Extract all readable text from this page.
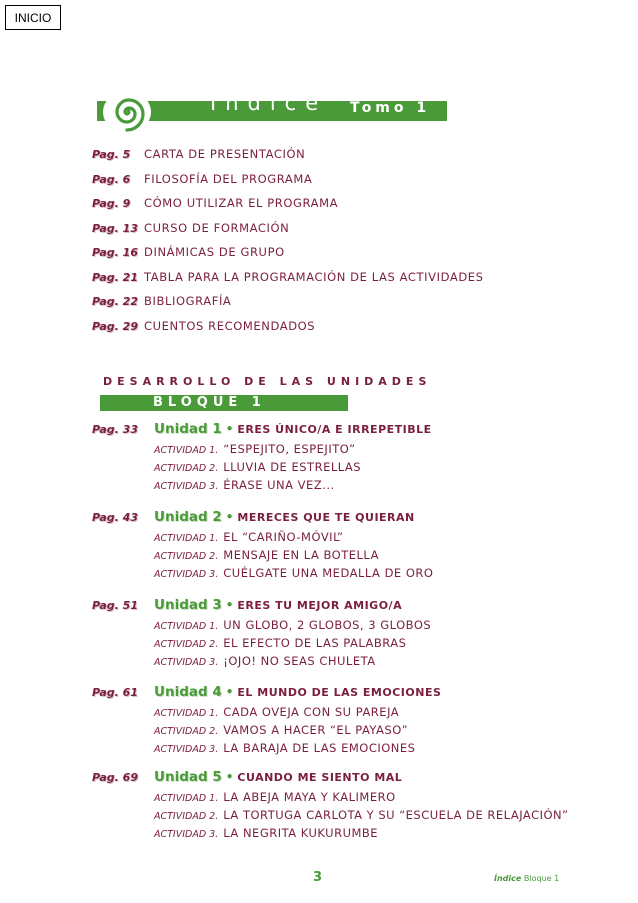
INICIO
Índice Tomo 1
Pag. 5	CARTA DE PRESENTACIÓN
Pag. 6	FILOSOFÍA DEL PROGRAMA
Pag. 9	CÓMO UTILIZAR EL PROGRAMA
Pag. 13 CURSO DE FORMACIÓN
Pag. 16 DINÁMICAS DE GRUPO
Pag. 21 TABLA PARA LA PROGRAMACIÓN DE LAS ACTIVIDADES
Pag. 22 BIBLIOGRAFÍA
Pag. 29 CUENTOS RECOMENDADOS
DESARROLLO DE LAS UNIDADES
BLOQUE 1
Pag. 33	Unidad 1 • ERES ÚNICO/A E IRREPETIBLE
ACTIVIDAD 1. “ESPEJITO, ESPEJITO”
ACTIVIDAD 2. LLUVIA DE ESTRELLAS
ACTIVIDAD 3. ÉRASE UNA VEZ...
Pag. 43	Unidad 2 • MERECES QUE TE QUIERAN
ACTIVIDAD 1. EL “CARIÑO-MÓVIL”
ACTIVIDAD 2. MENSAJE EN LA BOTELLA
ACTIVIDAD 3. CUÉLGATE UNA MEDALLA DE ORO
Pag. 51	Unidad 3 • ERES TU MEJOR AMIGO/A
ACTIVIDAD 1. UN GLOBO, 2 GLOBOS, 3 GLOBOS
ACTIVIDAD 2. EL EFECTO DE LAS PALABRAS
ACTIVIDAD 3. ¡OJO! NO SEAS CHULETA
Pag. 61	Unidad 4 • EL MUNDO DE LAS EMOCIONES
ACTIVIDAD 1. CADA OVEJA CON SU PAREJA
ACTIVIDAD 2. VAMOS A HACER “EL PAYASO”
ACTIVIDAD 3. LA BARAJA DE LAS EMOCIONES
Pag. 69	Unidad 5 • CUANDO ME SIENTO MAL
ACTIVIDAD 1. LA ABEJA MAYA Y KALIMERO
ACTIVIDAD 2. LA TORTUGA CARLOTA Y SU “ESCUELA DE RELAJACIÓN”
ACTIVIDAD 3. LA NEGRITA KUKURUMBE
3	Índice Bloque 1
